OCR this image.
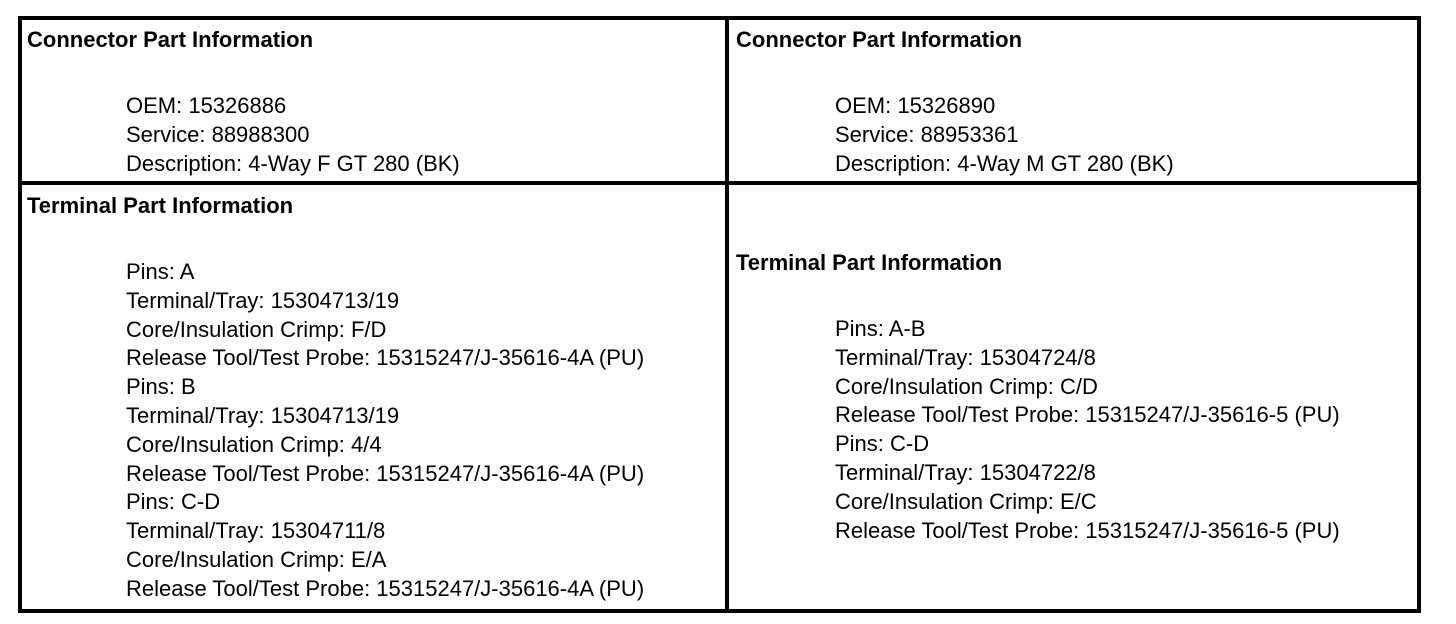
Connector Part Information
OEM: 15326886
Service: 88988300
Description: 4-Way F GT 280 (BK)
Connector Part Information
OEM: 15326890
Service: 88953361
Description: 4-Way M GT 280 (BK)
Terminal Part Information
Pins: A
Terminal/Tray: 15304713/19
Core/Insulation Crimp: F/D
Release Tool/Test Probe: 15315247/J-35616-4A (PU)
Pins: B
Terminal/Tray: 15304713/19
Core/Insulation Crimp: 4/4
Release Tool/Test Probe: 15315247/J-35616-4A (PU)
Pins: C-D
Terminal/Tray: 15304711/8
Core/Insulation Crimp: E/A
Release Tool/Test Probe: 15315247/J-35616-4A (PU)
Terminal Part Information
Pins: A-B
Terminal/Tray: 15304724/8
Core/Insulation Crimp: C/D
Release Tool/Test Probe: 15315247/J-35616-5 (PU)
Pins: C-D
Terminal/Tray: 15304722/8
Core/Insulation Crimp: E/C
Release Tool/Test Probe: 15315247/J-35616-5 (PU)
